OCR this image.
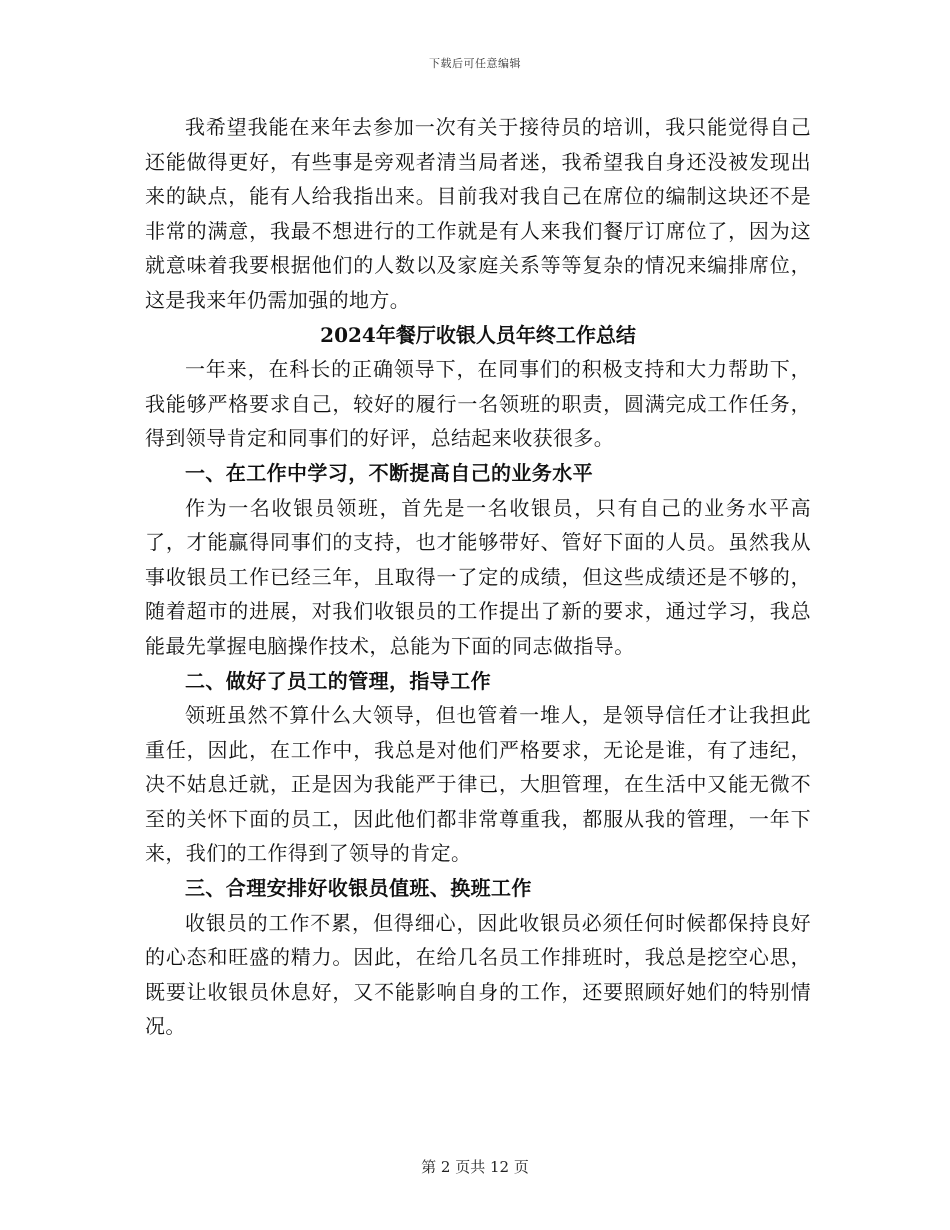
下载后可任意编辑

我希望我能在来年去参加一次有关于接待员的培训，我只能觉得自己还能做得更好，有些事是旁观者清当局者迷，我希望我自身还没被发现出来的缺点，能有人给我指出来。目前我对我自己在席位的编制这块还不是非常的满意，我最不想进行的工作就是有人来我们餐厅订席位了，因为这就意味着我要根据他们的人数以及家庭关系等等复杂的情况来编排席位，这是我来年仍需加强的地方。

2024年餐厅收银人员年终工作总结

一年来，在科长的正确领导下，在同事们的积极支持和大力帮助下，我能够严格要求自己，较好的履行一名领班的职责，圆满完成工作任务，得到领导肯定和同事们的好评，总结起来收获很多。

一、在工作中学习，不断提高自己的业务水平

作为一名收银员领班，首先是一名收银员，只有自己的业务水平高了，才能赢得同事们的支持，也才能够带好、管好下面的人员。虽然我从事收银员工作已经三年，且取得一了定的成绩，但这些成绩还是不够的，随着超市的进展，对我们收银员的工作提出了新的要求，通过学习，我总能最先掌握电脑操作技术，总能为下面的同志做指导。

二、做好了员工的管理，指导工作

领班虽然不算什么大领导，但也管着一堆人，是领导信任才让我担此重任，因此，在工作中，我总是对他们严格要求，无论是谁，有了违纪，决不姑息迁就，正是因为我能严于律已，大胆管理，在生活中又能无微不至的关怀下面的员工，因此他们都非常尊重我，都服从我的管理，一年下来，我们的工作得到了领导的肯定。

三、合理安排好收银员值班、换班工作

收银员的工作不累，但得细心，因此收银员必须任何时候都保持良好的心态和旺盛的精力。因此，在给几名员工作排班时，我总是挖空心思，既要让收银员休息好，又不能影响自身的工作，还要照顾好她们的特别情况。

第 2 页共 12 页
